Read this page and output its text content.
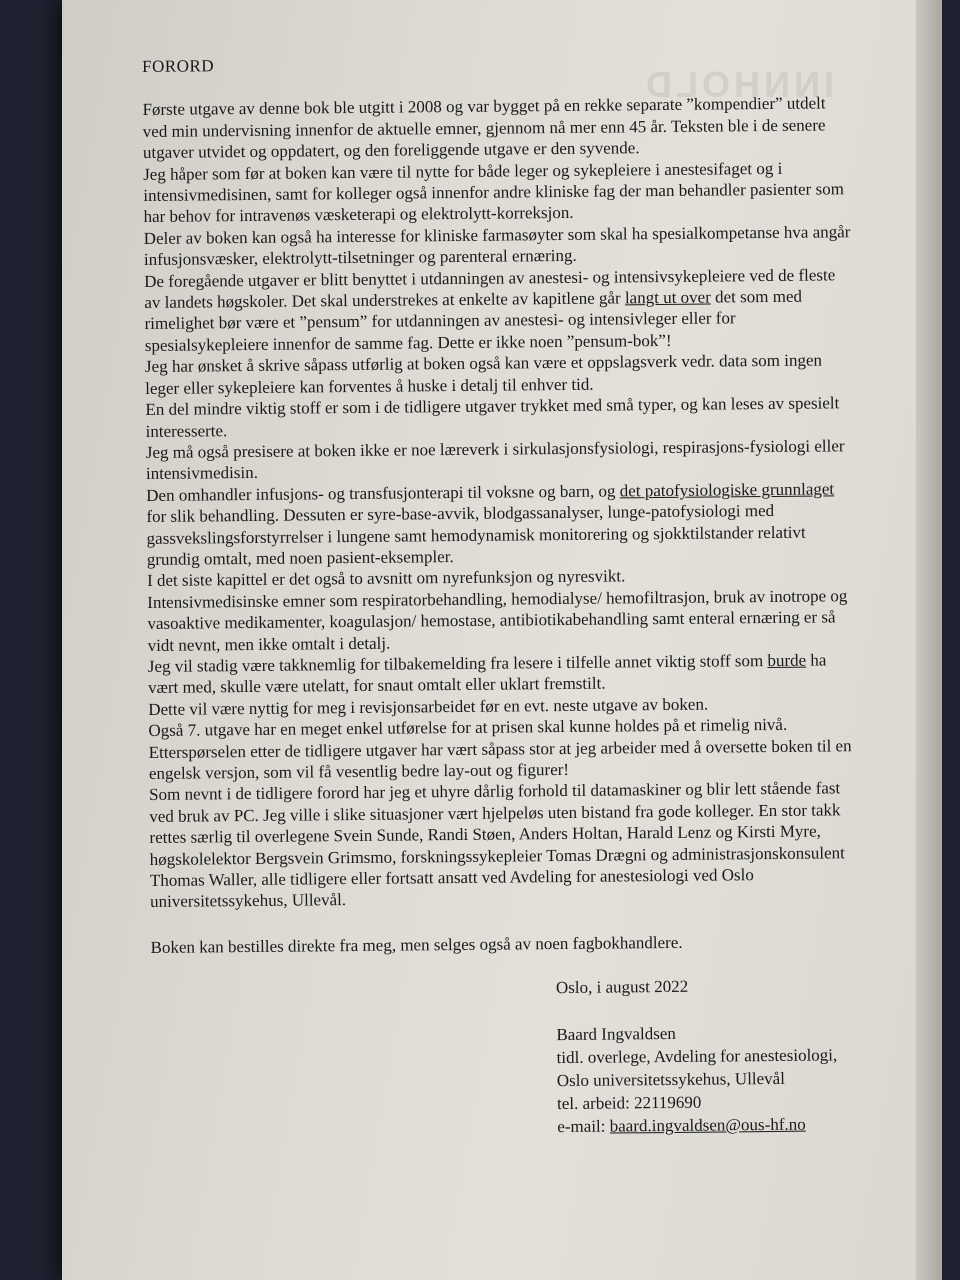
INNHOLD
FORORD

Første utgave av denne bok ble utgitt i 2008 og var bygget på en rekke separate ”kompendier” utdelt ved min undervisning innenfor de aktuelle emner, gjennom nå mer enn 45 år. Teksten ble i de senere utgaver utvidet og oppdatert, og den foreliggende utgave er den syvende.

Jeg håper som før at boken kan være til nytte for både leger og sykepleiere i anestesifaget og i intensivmedisinen, samt for kolleger også innenfor andre kliniske fag der man behandler pasienter som har behov for intravenøs væsketerapi og elektrolytt-korreksjon.

Deler av boken kan også ha interesse for kliniske farmasøyter som skal ha spesialkompetanse hva angår infusjonsvæsker, elektrolytt-tilsetninger og parenteral ernæring.

De foregående utgaver er blitt benyttet i utdanningen av anestesi- og intensivsykepleiere ved de fleste av landets høgskoler. Det skal understrekes at enkelte av kapitlene går langt ut over det som med rimelighet bør være et ”pensum” for utdanningen av anestesi- og intensivleger eller for spesialsykepleiere innenfor de samme fag. Dette er ikke noen ”pensum-bok”!

Jeg har ønsket å skrive såpass utførlig at boken også kan være et oppslagsverk vedr. data som ingen leger eller sykepleiere kan forventes å huske i detalj til enhver tid.

En del mindre viktig stoff er som i de tidligere utgaver trykket med små typer, og kan leses av spesielt interesserte.

Jeg må også presisere at boken ikke er noe læreverk i sirkulasjonsfysiologi, respirasjons-fysiologi eller intensivmedisin.

Den omhandler infusjons- og transfusjonterapi til voksne og barn, og det patofysiologiske grunnlaget for slik behandling. Dessuten er syre-base-avvik, blodgassanalyser, lunge-patofysiologi med gassvekslingsforstyrrelser i lungene samt hemodynamisk monitorering og sjokktilstander relativt grundig omtalt, med noen pasient-eksempler.

I det siste kapittel er det også to avsnitt om nyrefunksjon og nyresvikt.

Intensivmedisinske emner som respiratorbehandling, hemodialyse/ hemofiltrasjon, bruk av inotrope og vasoaktive medikamenter, koagulasjon/ hemostase, antibiotikabehandling samt enteral ernæring er så vidt nevnt, men ikke omtalt i detalj.

Jeg vil stadig være takknemlig for tilbakemelding fra lesere i tilfelle annet viktig stoff som burde ha vært med, skulle være utelatt, for snaut omtalt eller uklart fremstilt.

Dette vil være nyttig for meg i revisjonsarbeidet før en evt. neste utgave av boken.

Også 7. utgave har en meget enkel utførelse for at prisen skal kunne holdes på et rimelig nivå. Etterspørselen etter de tidligere utgaver har vært såpass stor at jeg arbeider med å oversette boken til en engelsk versjon, som vil få vesentlig bedre lay-out og figurer!

Som nevnt i de tidligere forord har jeg et uhyre dårlig forhold til datamaskiner og blir lett stående fast ved bruk av PC. Jeg ville i slike situasjoner vært hjelpeløs uten bistand fra gode kolleger. En stor takk rettes særlig til overlegene Svein Sunde, Randi Støen, Anders Holtan, Harald Lenz og Kirsti Myre, høgskolelektor Bergsvein Grimsmo, forskningssykepleier Tomas Drægni og administrasjonskonsulent Thomas Waller, alle tidligere eller fortsatt ansatt ved Avdeling for anestesiologi ved Oslo universitetssykehus, Ullevål.

Boken kan bestilles direkte fra meg, men selges også av noen fagbokhandlere.
Oslo, i august 2022
Baard Ingvaldsen
tidl. overlege, Avdeling for anestesiologi,
Oslo universitetssykehus, Ullevål
tel. arbeid: 22119690
e-mail: baard.ingvaldsen@ous-hf.no
